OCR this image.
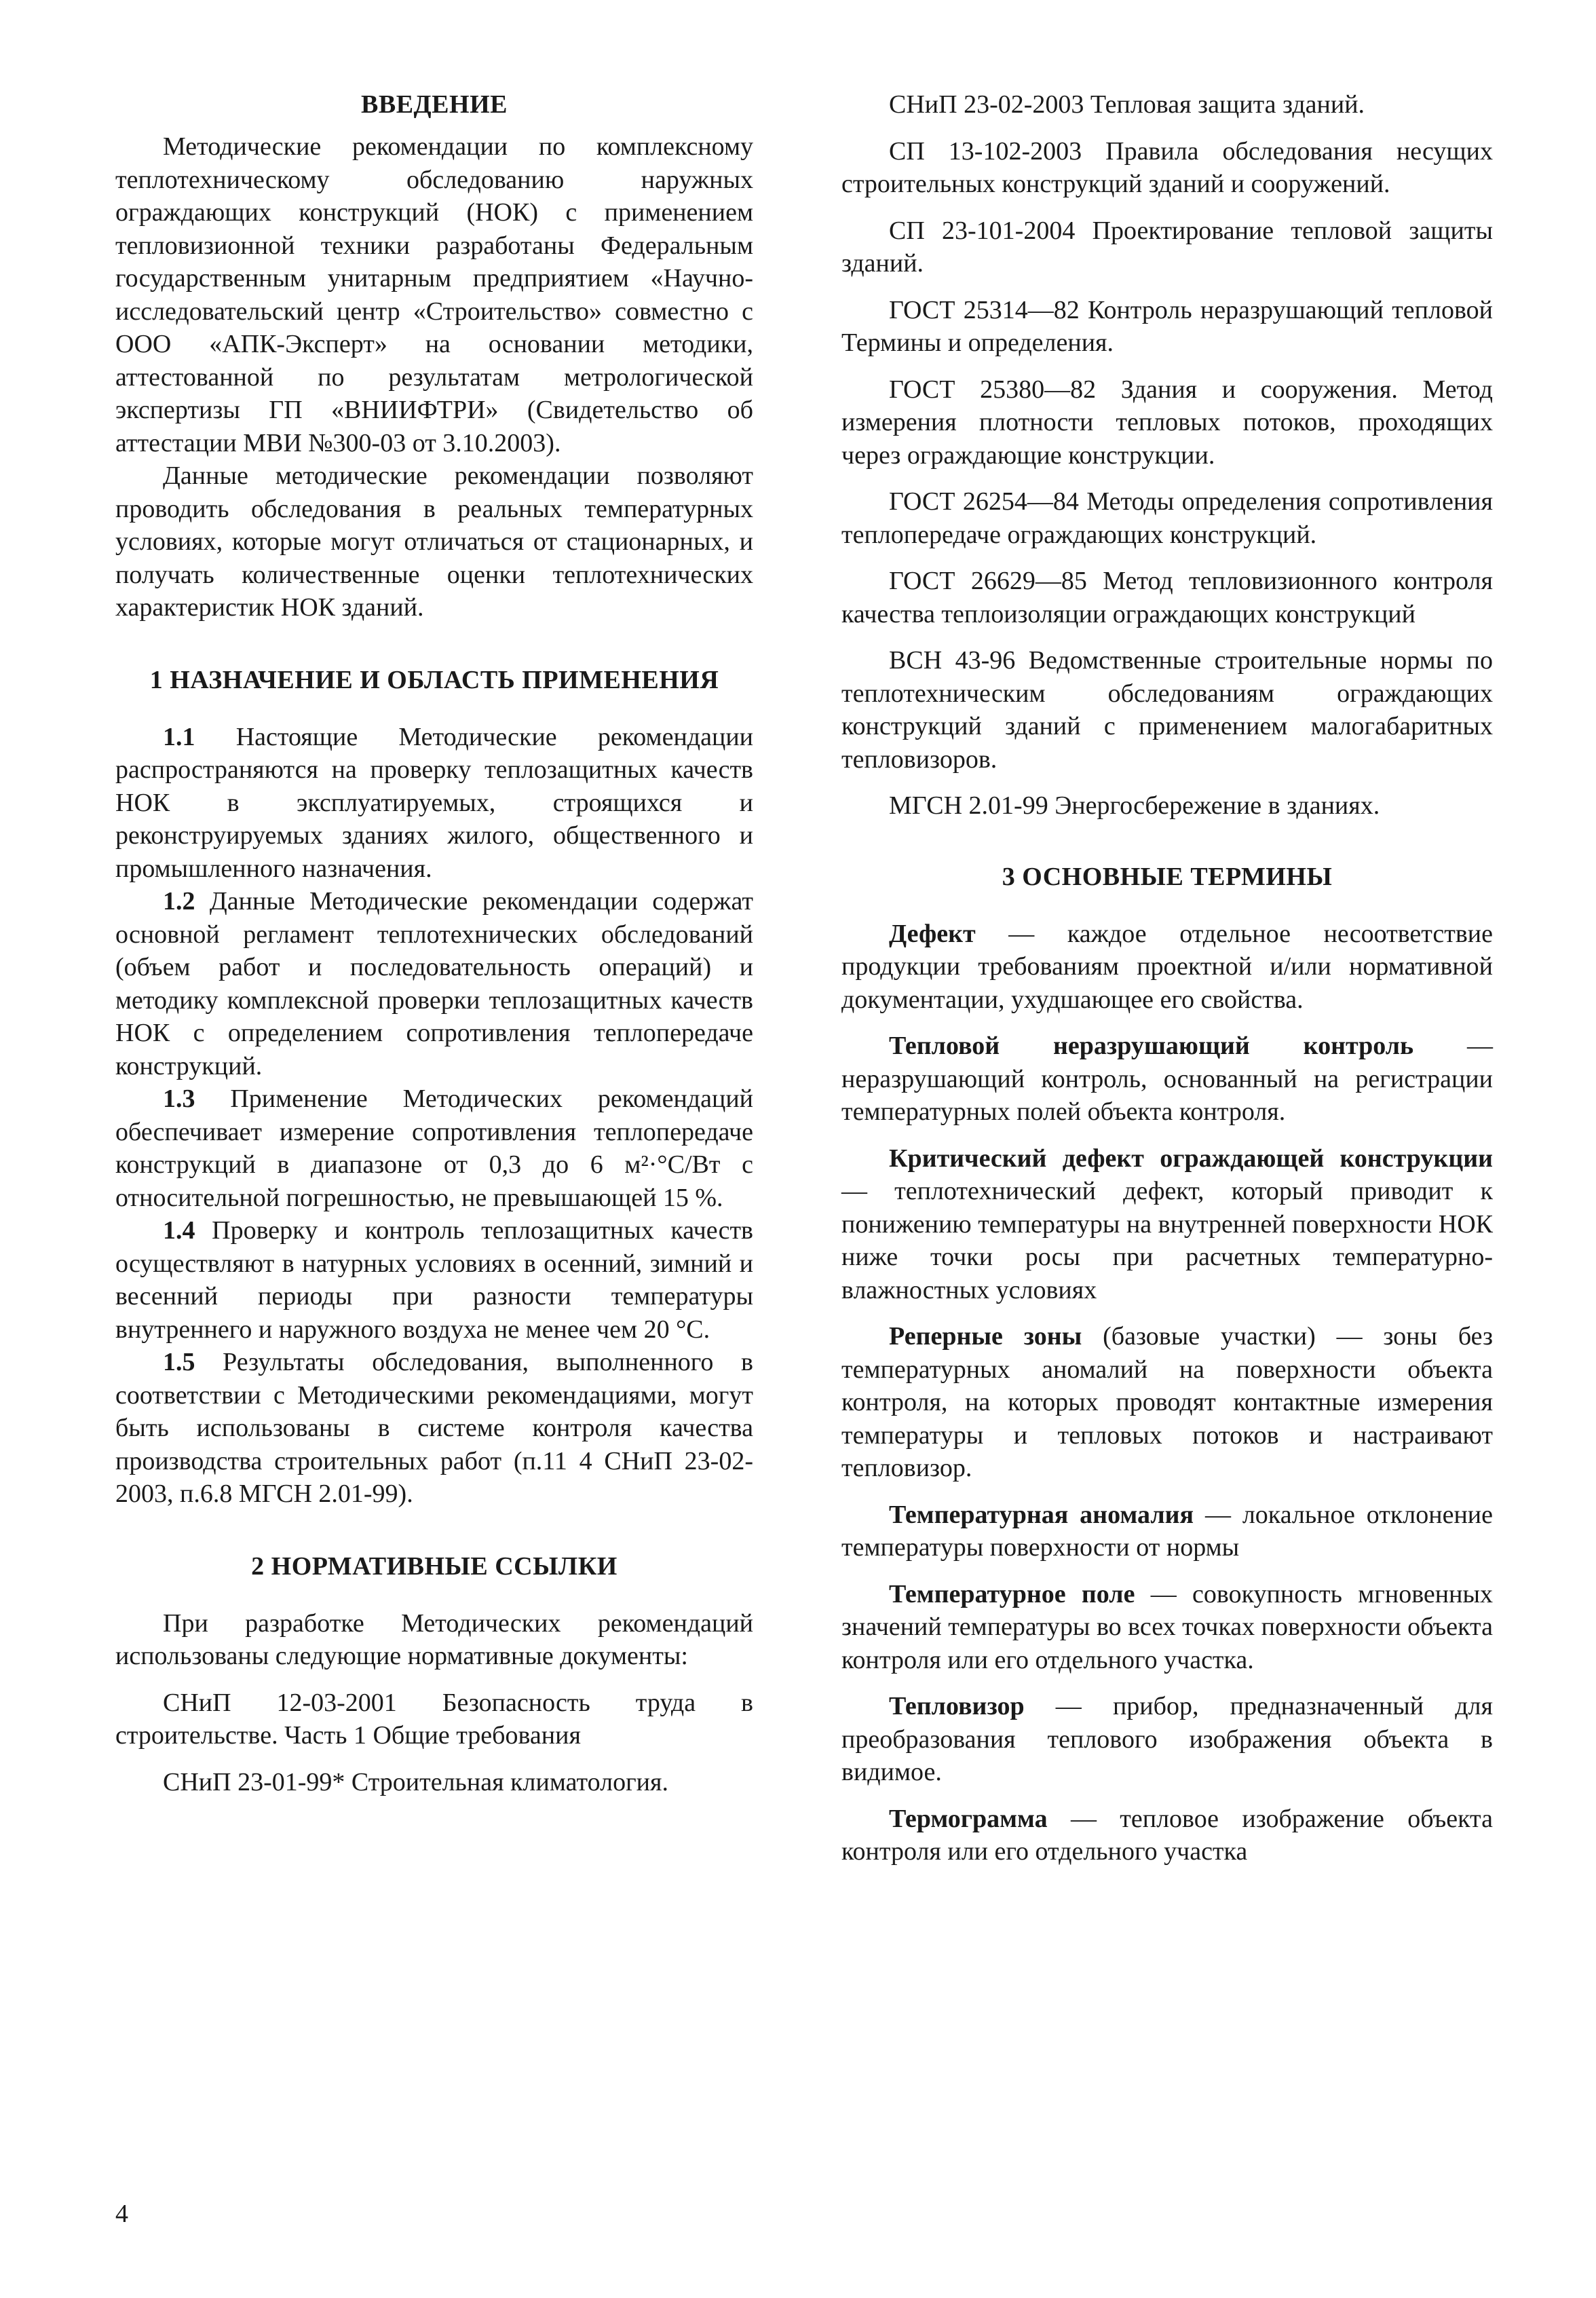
ВВЕДЕНИЕ

Методические рекомендации по комплексному теплотехническому обследованию наружных ограждающих конструкций (НОК) с применением тепловизионной техники разработаны Федеральным государственным унитарным предприятием «Научно-исследовательский центр «Строительство» совместно с ООО «АПК-Эксперт» на основании методики, аттестованной по результатам метрологической экспертизы ГП «ВНИИФТРИ» (Свидетельство об аттестации МВИ №300-03 от 3.10.2003).

Данные методические рекомендации позволяют проводить обследования в реальных температурных условиях, которые могут отличаться от стационарных, и получать количественные оценки теплотехнических характеристик НОК зданий.

1 НАЗНАЧЕНИЕ И ОБЛАСТЬ ПРИМЕНЕНИЯ

1.1 Настоящие Методические рекомендации распространяются на проверку теплозащитных качеств НОК в эксплуатируемых, строящихся и реконструируемых зданиях жилого, общественного и промышленного назначения.

1.2 Данные Методические рекомендации содержат основной регламент теплотехнических обследований (объем работ и последовательность операций) и методику комплексной проверки теплозащитных качеств НОК с определением сопротивления теплопередаче конструкций.

1.3 Применение Методических рекомендаций обеспечивает измерение сопротивления теплопередаче конструкций в диапазоне от 0,3 до 6 м²·°С/Вт с относительной погрешностью, не превышающей 15 %.

1.4 Проверку и контроль теплозащитных качеств осуществляют в натурных условиях в осенний, зимний и весенний периоды при разности температуры внутреннего и наружного воздуха не менее чем 20 °С.

1.5 Результаты обследования, выполненного в соответствии с Методическими рекомендациями, могут быть использованы в системе контроля качества производства строительных работ (п.11 4 СНиП 23-02-2003, п.6.8 МГСН 2.01-99).

2 НОРМАТИВНЫЕ ССЫЛКИ

При разработке Методических рекомендаций использованы следующие нормативные документы:

СНиП 12-03-2001 Безопасность труда в строительстве. Часть 1 Общие требования

СНиП 23-01-99* Строительная климатология.

СНиП 23-02-2003 Тепловая защита зданий.

СП 13-102-2003 Правила обследования несущих строительных конструкций зданий и сооружений.

СП 23-101-2004 Проектирование тепловой защиты зданий.

ГОСТ 25314—82 Контроль неразрушающий тепловой Термины и определения.

ГОСТ 25380—82 Здания и сооружения. Метод измерения плотности тепловых потоков, проходящих через ограждающие конструкции.

ГОСТ 26254—84 Методы определения сопротивления теплопередаче ограждающих конструкций.

ГОСТ 26629—85 Метод тепловизионного контроля качества теплоизоляции ограждающих конструкций

ВСН 43-96 Ведомственные строительные нормы по теплотехническим обследованиям ограждающих конструкций зданий с применением малогабаритных тепловизоров.

МГСН 2.01-99 Энергосбережение в зданиях.

3 ОСНОВНЫЕ ТЕРМИНЫ

Дефект — каждое отдельное несоответствие продукции требованиям проектной и/или нормативной документации, ухудшающее его свойства.

Тепловой неразрушающий контроль — неразрушающий контроль, основанный на регистрации температурных полей объекта контроля.

Критический дефект ограждающей конструкции — теплотехнический дефект, который приводит к понижению температуры на внутренней поверхности НОК ниже точки росы при расчетных температурно-влажностных условиях

Реперные зоны (базовые участки) — зоны без температурных аномалий на поверхности объекта контроля, на которых проводят контактные измерения температуры и тепловых потоков и настраивают тепловизор.

Температурная аномалия — локальное отклонение температуры поверхности от нормы

Температурное поле — совокупность мгновенных значений температуры во всех точках поверхности объекта контроля или его отдельного участка.

Тепловизор — прибор, предназначенный для преобразования теплового изображения объекта в видимое.

Термограмма — тепловое изображение объекта контроля или его отдельного участка

4
